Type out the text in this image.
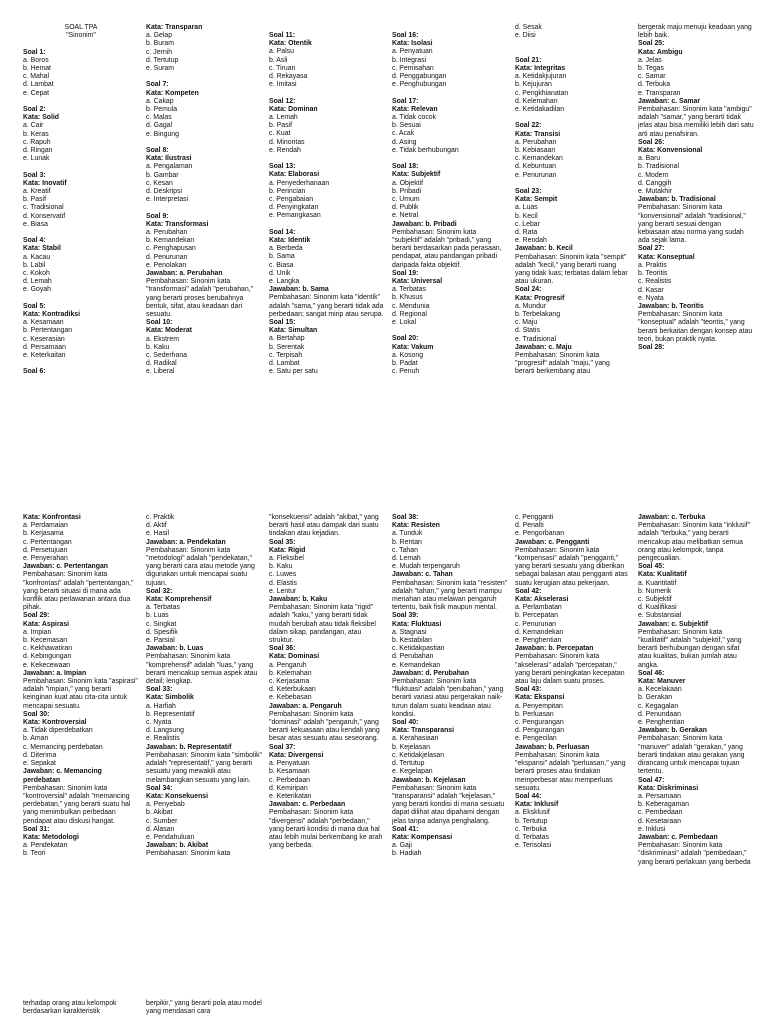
SOAL TPA
"Sinonim"
Soal 1:
a. Boros
b. Hemat
c. Mahal
d. Lambat
e. Cepat
Soal 2:
Kata: Solid
a. Cair
b. Keras
c. Rapuh
d. Ringan
e. Lunak
Soal 3:
Kata: Inovatif
a. Kreatif
b. Pasif
c. Tradisional
d. Konservatif
e. Biasa
Soal 4:
Kata: Stabil
a. Kacau
b. Labil
c. Kokoh
d. Lemah
e. Goyah
Soal 5:
Kata: Kontradiksi
a. Kesamaan
b. Pertentangan
c. Keserasian
d. Persamaan
e. Keterkaitan
Soal 6:
Kata: Transparan
a. Gelap
b. Buram
c. Jernih
d. Tertutup
e. Suram
Soal 7:
Kata: Kompeten
a. Cakap
b. Pemula
c. Malas
d. Gagal
e. Bingung
Soal 8:
Kata: Ilustrasi
a. Pengalaman
b. Gambar
c. Kesan
d. Deskripsi
e. Interpretasi
Soal 9:
Kata: Transformasi
a. Perubahan
b. Kemandekan
c. Penghapusan
d. Penurunan
e. Penolakan
Jawaban: a. Perubahan
Pembahasan: Sinonim kata "transformasi" adalah "perubahan," yang berarti proses berubahnya bentuk, sifat, atau keadaan dari sesuatu.
Soal 10:
Kata: Moderat
a. Ekstrem
b. Kaku
c. Sederhana
d. Radikal
e. Liberal
Soal 11:
Kata: Otentik
a. Palsu
b. Asli
c. Tiruan
d. Rekayasa
e. Imitasi
Soal 12:
Kata: Dominan
a. Lemah
b. Pasif
c. Kuat
d. Minoritas
e. Rendah
Soal 13:
Kata: Elaborasi
a. Penyederhanaan
b. Perincian
c. Pengabaian
d. Penyingkatan
e. Pemangkasan
Soal 14:
Kata: Identik
a. Berbeda
b. Sama
c. Biasa
d. Unik
e. Langka
Jawaban: b. Sama
Pembahasan: Sinonim kata "identik" adalah "sama," yang berarti tidak ada perbedaan; sangat mirip atau serupa.
Soal 15:
Kata: Simultan
a. Bertahap
b. Serentak
c. Terpisah
d. Lambat
e. Satu per satu
Soal 16:
Kata: Isolasi
a. Penyatuan
b. Integrasi
c. Pemisahan
d. Penggabungan
e. Penghubungan
Soal 17:
Kata: Relevan
a. Tidak cocok
b. Sesuai
c. Acak
d. Asing
e. Tidak berhubungan
Soal 18:
Kata: Subjektif
a. Objektif
b. Pribadi
c. Umum
d. Publik
e. Netral
Jawaban: b. Pribadi
Pembahasan: Sinonim kata "subjektif" adalah "pribadi," yang berarti berdasarkan pada perasaan, pendapat, atau pandangan pribadi daripada fakta objektif.
Soal 19:
Kata: Universal
a. Terbatas
b. Khusus
c. Mendunia
d. Regional
e. Lokal
Soal 20:
Kata: Vakum
a. Kosong
b. Padat
c. Penuh
d. Sesak
e. Diisi
Soal 21:
Kata: Integritas
a. Ketidakjujuran
b. Kejujuran
c. Pengkhianatan
d. Kelemahan
e. Ketidakadilan
Soal 22:
Kata: Transisi
a. Perubahan
b. Kebiasaan
c. Kemandekan
d. Kebuntuan
e. Penurunan
Soal 23:
Kata: Sempit
a. Luas
b. Kecil
c. Lebar
d. Rata
e. Rendah
Jawaban: b. Kecil
Pembahasan: Sinonim kata "sempit" adalah "kecil," yang berarti ruang yang tidak luas; terbatas dalam lebar atau ukuran.
Soal 24:
Kata: Progresif
a. Mundur
b. Terbelakang
c. Maju
d. Statis
e. Tradisional
Jawaban: c. Maju
Pembahasan: Sinonim kata "progresif" adalah "maju," yang berarti berkembang atau
bergerak maju menuju keadaan yang lebih baik.
Soal 25:
Kata: Ambigu
a. Jelas
b. Tegas
c. Samar
d. Terbuka
e. Transparan
Jawaban: c. Samar
Pembahasan: Sinonim kata "ambigu" adalah "samar," yang berarti tidak jelas atau bisa memiliki lebih dari satu arti atau penafsiran.
Soal 26:
Kata: Konvensional
a. Baru
b. Tradisional
c. Modern
d. Canggih
e. Mutakhir
Jawaban: b. Tradisional
Pembahasan: Sinonim kata "konvensional" adalah "tradisional," yang berarti sesuai dengan kebiasaan atau norma yang sudah ada sejak lama.
Soal 27:
Kata: Konseptual
a. Praktis
b. Teoritis
c. Realistis
d. Kasar
e. Nyata
Jawaban: b. Teoritis
Pembahasan: Sinonim kata "konseptual" adalah "teoritis," yang berarti berkaitan dengan konsep atau teori, bukan praktik nyata.
Soal 28:
Kata: Konfrontasi
a. Perdamaian
b. Kerjasama
c. Pertentangan
d. Persetujuan
e. Penyerahan
Jawaban: c. Pertentangan
Pembahasan: Sinonim kata "konfrontasi" adalah "pertentangan," yang berarti situasi di mana ada konflik atau perlawanan antara dua pihak.
Soal 29:
Kata: Aspirasi
a. Impian
b. Kecemasan
c. Kekhawatiran
d. Kebingungan
e. Kekecewaan
Jawaban: a. Impian
Pembahasan: Sinonim kata "aspirasi" adalah "impian," yang berarti keinginan kuat atau cita-cita untuk mencapai sesuatu.
Soal 30:
Kata: Kontroversial
a. Tidak diperdebatkan
b. Aman
c. Memancing perdebatan
d. Diterima
e. Sepakat
Jawaban: c. Memancing perdebatan
Pembahasan: Sinonim kata "kontroversial" adalah "memancing perdebatan," yang berarti suatu hal yang menimbulkan perbedaan pendapat atau diskusi hangat.
Soal 31:
Kata: Metodologi
a. Pendekatan
b. Teori
c. Praktik
d. Aktif
e. Hasil
Jawaban: a. Pendekatan
Pembahasan: Sinonim kata "metodologi" adalah "pendekatan," yang berarti cara atau metode yang digunakan untuk mencapai suatu tujuan.
Soal 32:
Kata: Komprehensif
a. Terbatas
b. Luas
c. Singkat
d. Spesifik
e. Parsial
Jawaban: b. Luas
Pembahasan: Sinonim kata "komprehensif" adalah "luas," yang berarti mencakup semua aspek atau detail; lengkap.
Soal 33:
Kata: Simbolik
a. Harfiah
b. Representatif
c. Nyata
d. Langsung
e. Realistis
Jawaban: b. Representatif
Pembahasan: Sinonim kata "simbolik" adalah "representatif," yang berarti sesuatu yang mewakili atau melambangkan sesuatu yang lain.
Soal 34:
Kata: Konsekuensi
a. Penyebab
b. Akibat
c. Sumber
d. Alasan
e. Pendahuluan
Jawaban: b. Akibat
Pembahasan: Sinonim kata
"konsekuensi" adalah "akibat," yang berarti hasil atau dampak dari suatu tindakan atau kejadian.
Soal 35:
Kata: Rigid
a. Fleksibel
b. Kaku
c. Luwes
d. Elastis
e. Lentur
Jawaban: b. Kaku
Pembahasan: Sinonim kata "rigid" adalah "kaku," yang berarti tidak mudah berubah atau tidak fleksibel dalam sikap, pandangan, atau struktur.
Soal 36:
Kata: Dominasi
a. Pengaruh
b. Kelemahan
c. Kerjasama
d. Keterbukaan
e. Kebebasan
Jawaban: a. Pengaruh
Pembahasan: Sinonim kata "dominasi" adalah "pengaruh," yang berarti kekuasaan atau kendali yang besar atas sesuatu atau seseorang.
Soal 37:
Kata: Divergensi
a. Penyatuan
b. Kesamaan
c. Perbedaan
d. Kemiripan
e. Keterikatan
Jawaban: c. Perbedaan
Pembahasan: Sinonim kata "divergensi" adalah "perbedaan," yang berarti kondisi di mana dua hal atau lebih mulai berkembang ke arah yang berbeda.
Soal 38:
Kata: Resisten
a. Tunduk
b. Rentan
c. Tahan
d. Lemah
e. Mudah terpengaruh
Jawaban: c. Tahan
Pembahasan: Sinonim kata "resisten" adalah "tahan," yang berarti mampu menahan atau melawan pengaruh tertentu, baik fisik maupun mental.
Soal 39:
Kata: Fluktuasi
a. Stagnasi
b. Kestabilan
c. Ketidakpastian
d. Perubahan
e. Kemandekan
Jawaban: d. Perubahan
Pembahasan: Sinonim kata "fluktuasi" adalah "perubahan," yang berarti variasi atau pergerakan naik-turun dalam suatu keadaan atau kondisi.
Soal 40:
Kata: Transparansi
a. Kerahasiaan
b. Kejelasan
c. Ketidakjelasan
d. Tertutup
e. Kegelapan
Jawaban: b. Kejelasan
Pembahasan: Sinonim kata "transparansi" adalah "kejelasan," yang berarti kondisi di mana sesuatu dapat dilihat atau dipahami dengan jelas tanpa adanya penghalang.
Soal 41:
Kata: Kompensasi
a. Gaji
b. Hadiah
c. Pengganti
d. Penalti
e. Pengorbanan
Jawaban: c. Pengganti
Pembahasan: Sinonim kata "kompensasi" adalah "pengganti," yang berarti sesuatu yang diberikan sebagai balasan atau pengganti atas suatu kerugian atau pekerjaan.
Soal 42:
Kata: Akselerasi
a. Perlambatan
b. Percepatan
c. Penurunan
d. Kemandekan
e. Penghentian
Jawaban: b. Percepatan
Pembahasan: Sinonim kata "akselerasi" adalah "percepatan," yang berarti peningkatan kecepatan atau laju dalam suatu proses.
Soal 43:
Kata: Ekspansi
a. Penyempitan
b. Perluasan
c. Pengurangan
d. Pengurangan
e. Pengecilan
Jawaban: b. Perluasan
Pembahasan: Sinonim kata "ekspansi" adalah "perluasan," yang berarti proses atau tindakan memperbesar atau memperluas sesuatu.
Soal 44:
Kata: Inklusif
a. Eksklusif
b. Tertutup
c. Terbuka
d. Terbatas
e. Terisolasi
Jawaban: c. Terbuka
Pembahasan: Sinonim kata "inklusif" adalah "terbuka," yang berarti mencakup atau melibatkan semua orang atau kelompok, tanpa pengecualian.
Soal 45:
Kata: Kualitatif
a. Kuantitatif
b. Numerik
c. Subjektif
d. Kualifikasi
e. Substansial
Jawaban: c. Subjektif
Pembahasan: Sinonim kata "kualitatif" adalah "subjektif," yang berarti berhubungan dengan sifat atau kualitas, bukan jumlah atau angka.
Soal 46:
Kata: Manuver
a. Kecelakaan
b. Gerakan
c. Kegagalan
d. Penundaan
e. Penghentian
Jawaban: b. Gerakan
Pembahasan: Sinonim kata "manuver" adalah "gerakan," yang berarti tindakan atau gerakan yang dirancang untuk mencapai tujuan tertentu.
Soal 47:
Kata: Diskriminasi
a. Persamaan
b. Keberagaman
c. Pembedaan
d. Kesetaraan
e. Inklusi
Jawaban: c. Pembedaan
Pembahasan: Sinonim kata "diskriminasi" adalah "pembedaan," yang berarti perlakuan yang berbeda
terhadap orang atau kelompok berdasarkan karakteristik
berpikir," yang berarti pola atau model yang mendasari cara
